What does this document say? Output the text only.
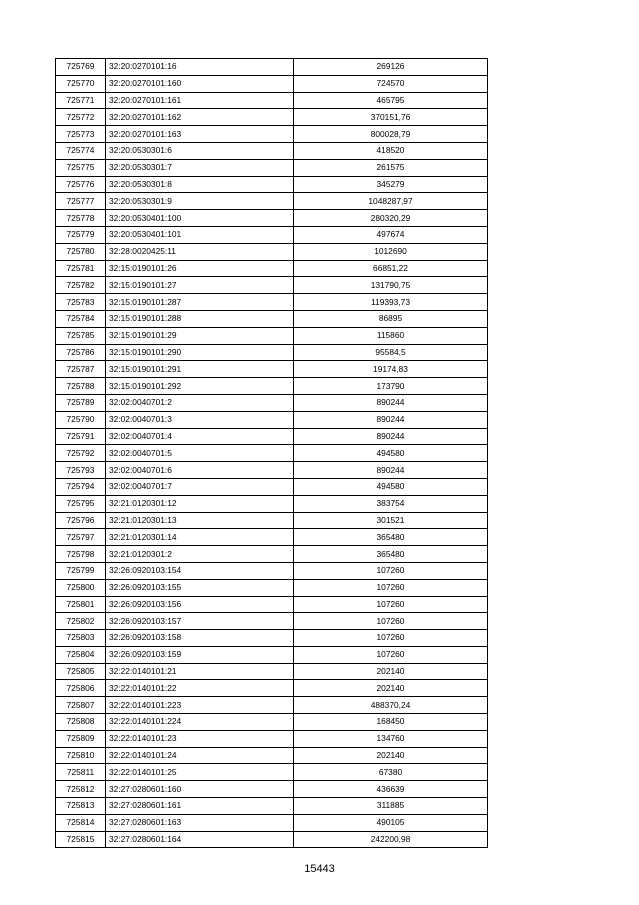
725769	32:20:0270101:16	269126
725770	32:20:0270101:160	724570
725771	32:20:0270101:161	465795
725772	32:20:0270101:162	370151,76
725773	32:20:0270101:163	800028,79
725774	32:20:0530301:6	418520
725775	32:20:0530301:7	261575
725776	32:20:0530301:8	345279
725777	32:20:0530301:9	1048287,97
725778	32:20:0530401:100	280320,29
725779	32:20:0530401:101	497674
725780	32:28:0020425:11	1012690
725781	32:15:0190101:26	66851,22
725782	32:15:0190101:27	131790,75
725783	32:15:0190101:287	119393,73
725784	32:15:0190101:288	86895
725785	32:15:0190101:29	115860
725786	32:15:0190101:290	95584,5
725787	32:15:0190101:291	19174,83
725788	32:15:0190101:292	173790
725789	32:02:0040701:2	890244
725790	32:02:0040701:3	890244
725791	32:02:0040701:4	890244
725792	32:02:0040701:5	494580
725793	32:02:0040701:6	890244
725794	32:02:0040701:7	494580
725795	32:21:0120301:12	383754
725796	32:21:0120301:13	301521
725797	32:21:0120301:14	365480
725798	32:21:0120301:2	365480
725799	32:26:0920103:154	107260
725800	32:26:0920103:155	107260
725801	32:26:0920103:156	107260
725802	32:26:0920103:157	107260
725803	32:26:0920103:158	107260
725804	32:26:0920103:159	107260
725805	32:22:0140101:21	202140
725806	32:22:0140101:22	202140
725807	32:22:0140101:223	488370,24
725808	32:22:0140101:224	168450
725809	32:22:0140101:23	134760
725810	32:22:0140101:24	202140
725811	32:22:0140101:25	67380
725812	32:27:0280601:160	436639
725813	32:27:0280601:161	311885
725814	32:27:0280601:163	490105
725815	32:27:0280601:164	242200,98
15443
